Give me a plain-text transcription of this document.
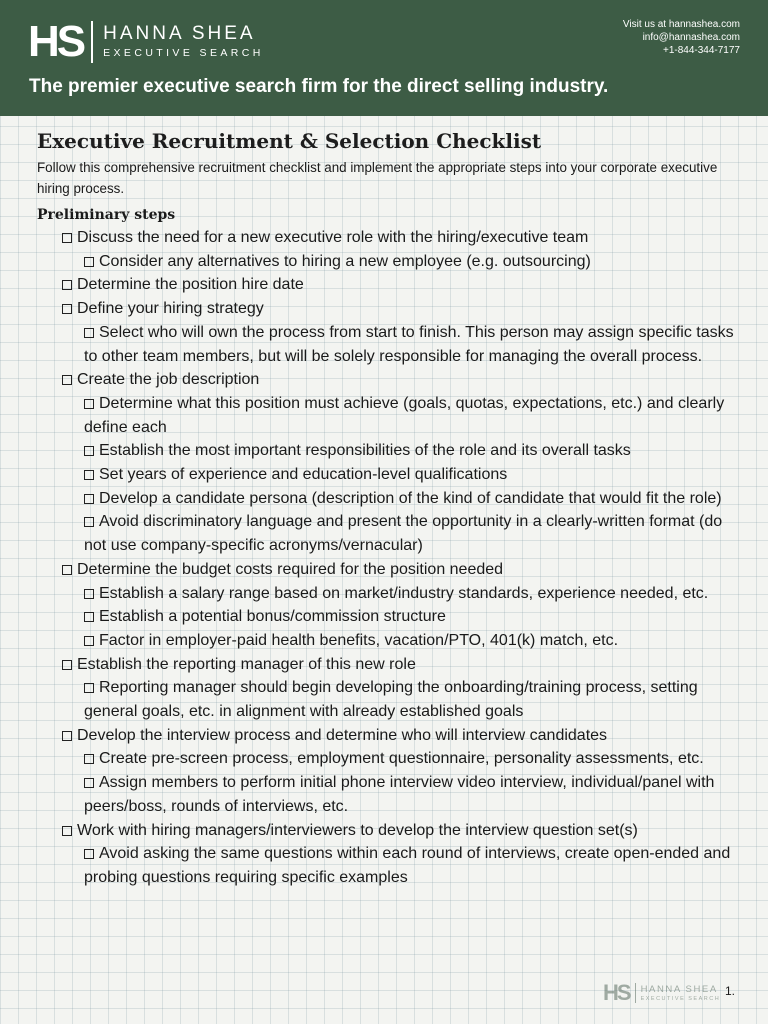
HS HANNA SHEA
EXECUTIVE SEARCH
Visit us at hannashea.com
info@hannashea.com
+1-844-344-7177
The premier executive search firm for the direct selling industry.
Executive Recruitment & Selection Checklist

Follow this comprehensive recruitment checklist and implement the appropriate steps into your corporate executive hiring process.

Preliminary steps
Discuss the need for a new executive role with the hiring/executive team
Consider any alternatives to hiring a new employee (e.g. outsourcing)
Determine the position hire date
Define your hiring strategy
Select who will own the process from start to finish. This person may assign specific tasks to other team members, but will be solely responsible for managing the overall process.
Create the job description
Determine what this position must achieve (goals, quotas, expectations, etc.) and clearly define each
Establish the most important responsibilities of the role and its overall tasks
Set years of experience and education-level qualifications
Develop a candidate persona (description of the kind of candidate that would fit the role)
Avoid discriminatory language and present the opportunity in a clearly-written format (do not use company-specific acronyms/vernacular)
Determine the budget costs required for the position needed
Establish a salary range based on market/industry standards, experience needed, etc.
Establish a potential bonus/commission structure
Factor in employer-paid health benefits, vacation/PTO, 401(k) match, etc.
Establish the reporting manager of this new role
Reporting manager should begin developing the onboarding/training process, setting general goals, etc. in alignment with already established goals
Develop the interview process and determine who will interview candidates
Create pre-screen process, employment questionnaire, personality assessments, etc.
Assign members to perform initial phone interview video interview, individual/panel with peers/boss, rounds of interviews, etc.
Work with hiring managers/interviewers to develop the interview question set(s)
Avoid asking the same questions within each round of interviews, create open-ended and probing questions requiring specific examples
HS HANNA SHEA
EXECUTIVE SEARCH
1.
